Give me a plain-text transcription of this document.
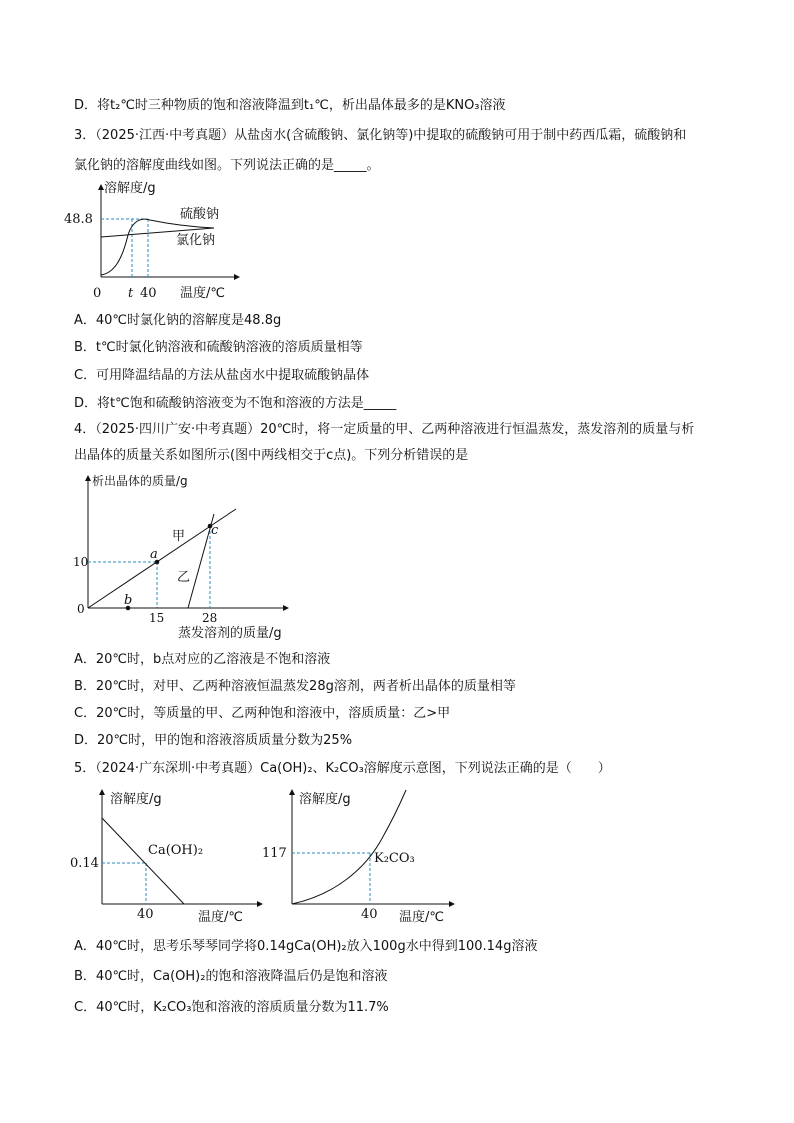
D．将t₂℃时三种物质的饱和溶液降温到t₁℃，析出晶体最多的是KNO₃溶液
3．（2025·江西·中考真题）从盐卤水(含硫酸钠、氯化钠等)中提取的硫酸钠可用于制中药西瓜霜，硫酸钠和
氯化钠的溶解度曲线如图。下列说法正确的是_____。
溶解度/g
48.8	硫酸钠
氯化钠
0 t 40 温度/℃
A．40℃时氯化钠的溶解度是48.8g
B．t℃时氯化钠溶液和硫酸钠溶液的溶质质量相等
C．可用降温结晶的方法从盐卤水中提取硫酸钠晶体
D．将t℃饱和硫酸钠溶液变为不饱和溶液的方法是_____
4．（2025·四川广安·中考真题）20℃时，将一定质量的甲、乙两种溶液进行恒温蒸发，蒸发溶剂的质量与析
出晶体的质量关系如图所示(图中两线相交于c点)。下列分析错误的是
析出晶体的质量/g
10
0
a
b
c
甲
乙
15	28
蒸发溶剂的质量/g
A．20℃时，b点对应的乙溶液是不饱和溶液
B．20℃时，对甲、乙两种溶液恒温蒸发28g溶剂，两者析出晶体的质量相等
C．20℃时，等质量的甲、乙两种饱和溶液中，溶质质量：乙>甲
D．20℃时，甲的饱和溶液溶质质量分数为25%
5．（2024·广东深圳·中考真题）Ca(OH)₂、K₂CO₃溶解度示意图，下列说法正确的是（　　）
溶解度/g
0.14
Ca(OH)₂
40	温度/℃
溶解度/g
117	K₂CO₃
40 温度/℃
A．40℃时，思考乐琴琴同学将0.14gCa(OH)₂放入100g水中得到100.14g溶液
B．40℃时，Ca(OH)₂的饱和溶液降温后仍是饱和溶液
C．40℃时，K₂CO₃饱和溶液的溶质质量分数为11.7%
